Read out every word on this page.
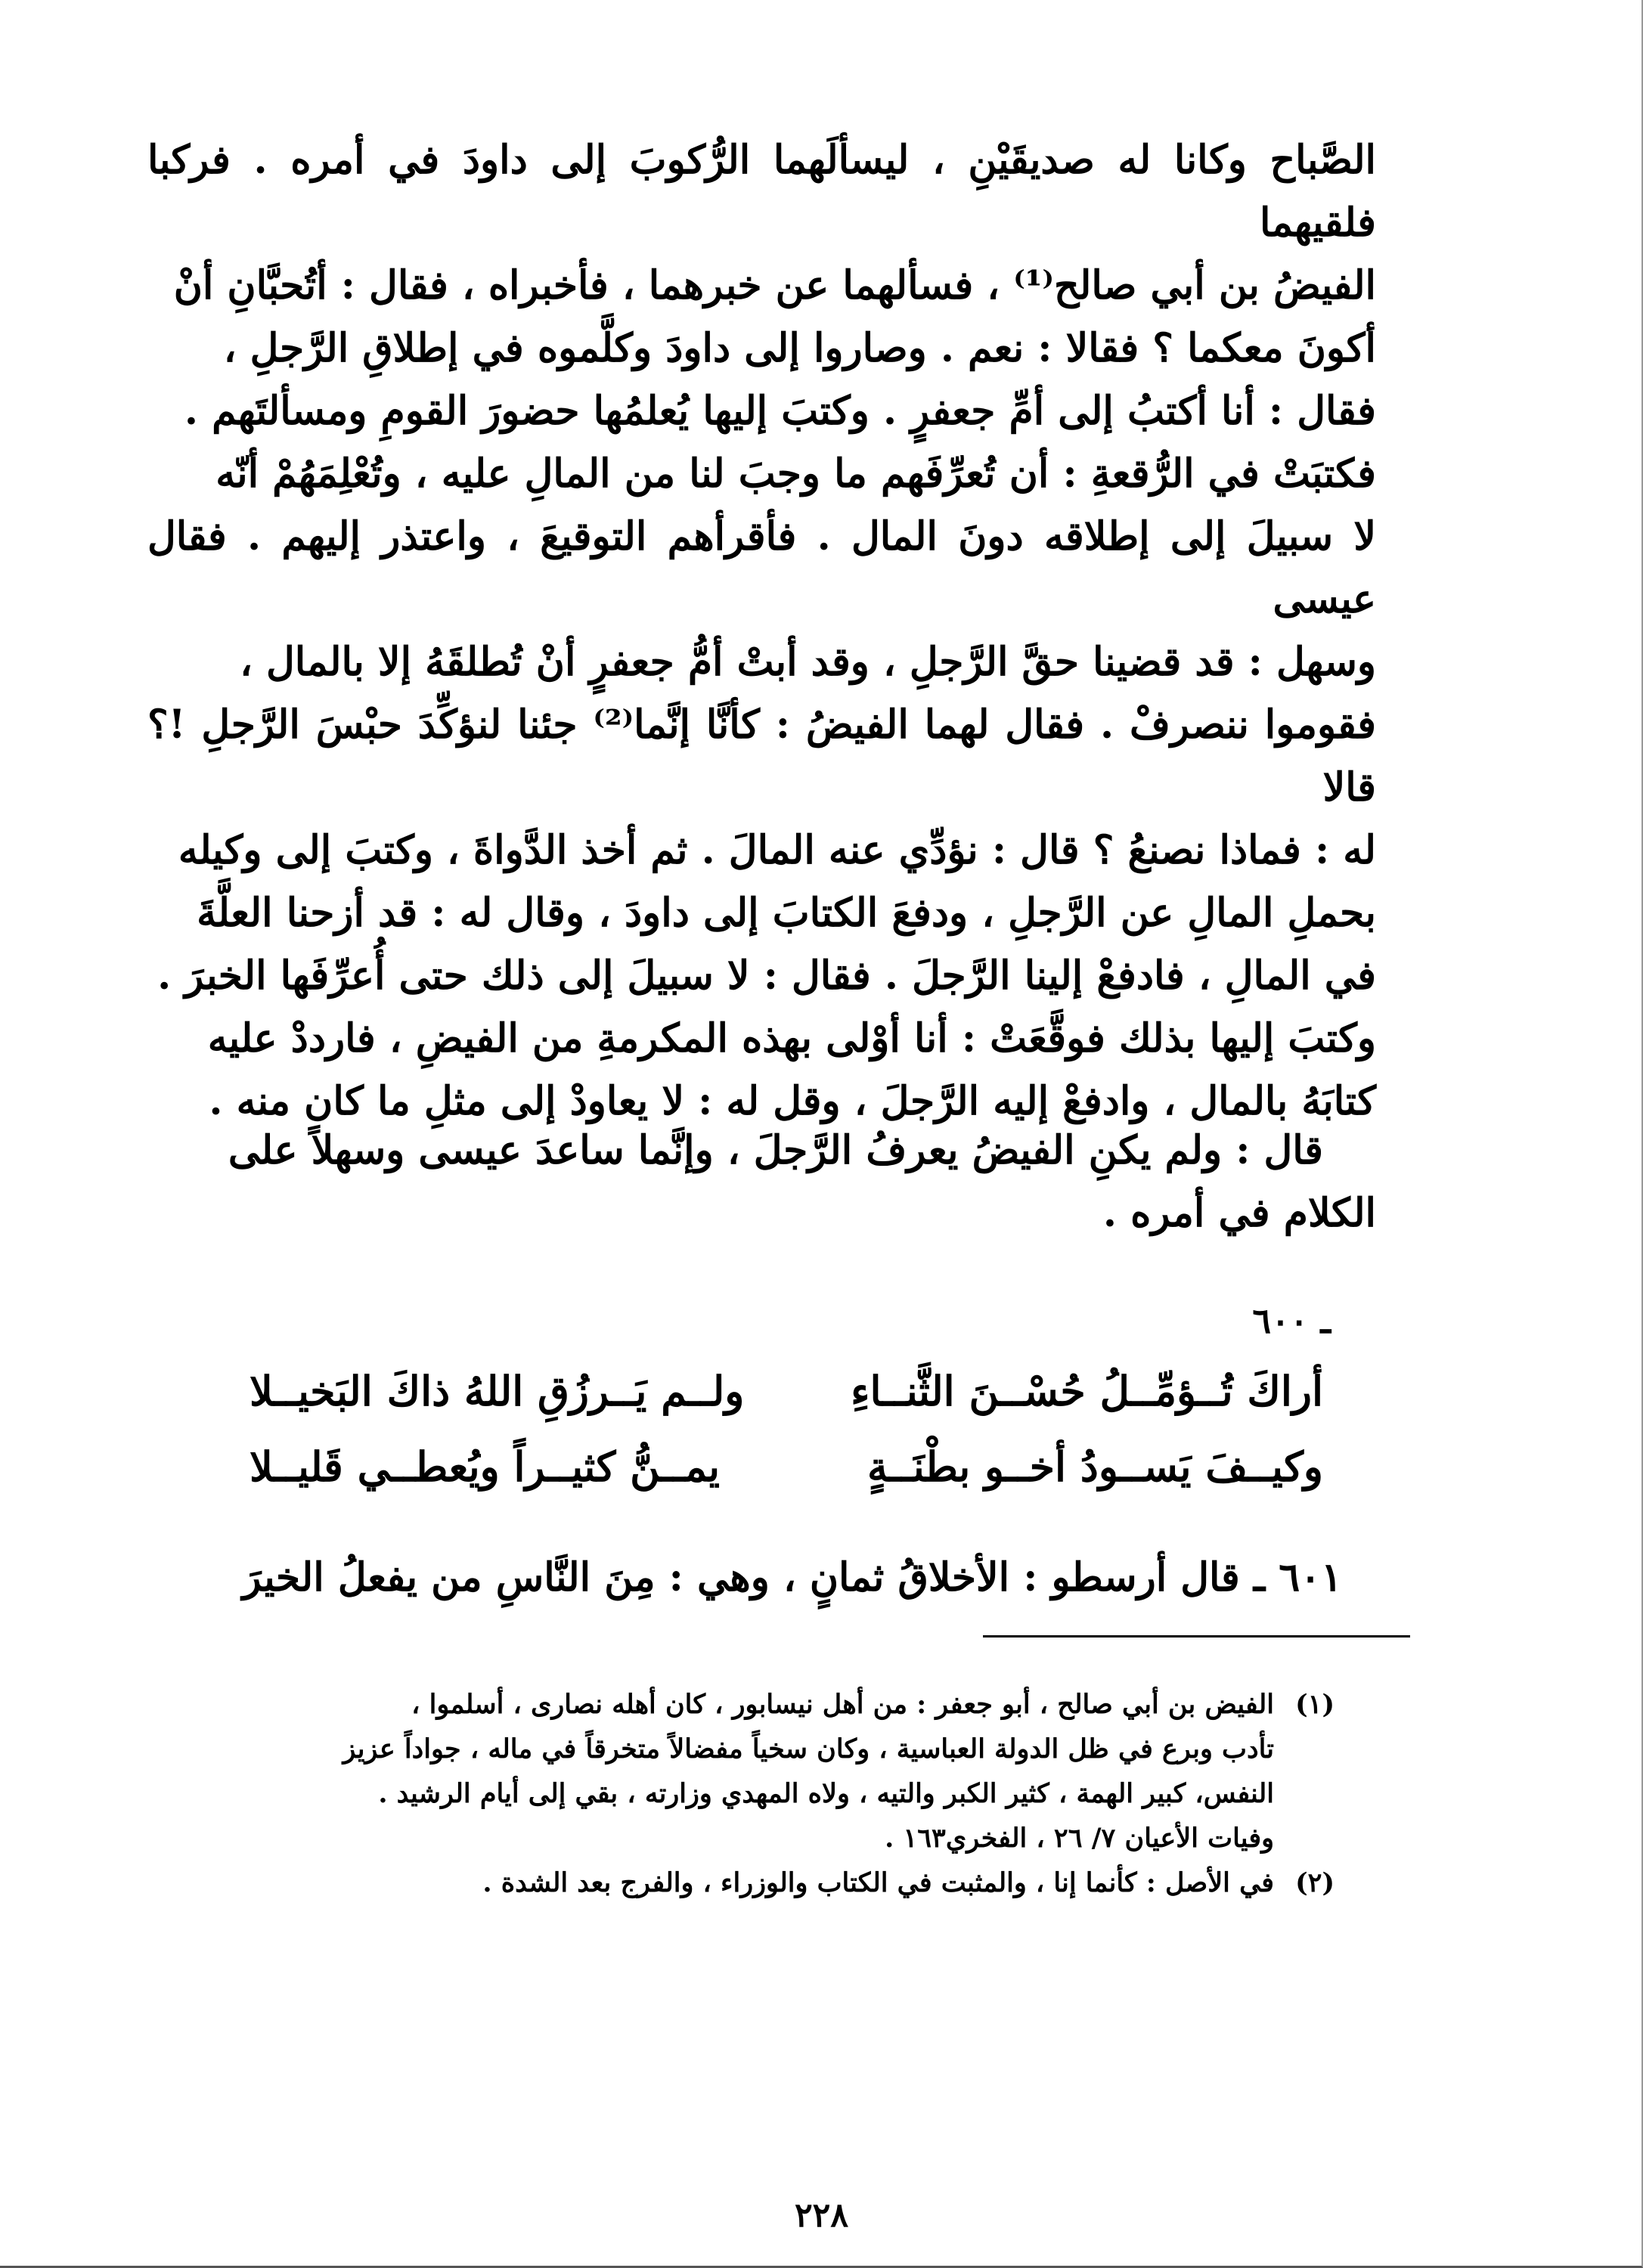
الصَّباح وكانا له صديقَيْنِ ، ليسألَهما الرُّكوبَ إلى داودَ في أمره . فركبا فلقيهما

الفيضُ بن أبي صالح⁽¹⁾ ، فسألهما عن خبرهما ، فأخبراه ، فقال : أتُحبَّانِ أنْ

أكونَ معكما ؟ فقالا : نعم . وصاروا إلى داودَ وكلَّموه في إطلاقِ الرَّجلِ ،

فقال : أنا أكتبُ إلى أمِّ جعفرٍ . وكتبَ إليها يُعلمُها حضورَ القومِ ومسألتَهم .

فكتبَتْ في الرُّقعةِ : أن تُعرِّفَهم ما وجبَ لنا من المالِ عليه ، وتُعْلِمَهُمْ أنّه

لا سبيلَ إلى إطلاقه دونَ المال . فأقرأهم التوقيعَ ، واعتذر إليهم . فقال عيسى

وسهل : قد قضينا حقَّ الرَّجلِ ، وقد أبتْ أمُّ جعفرٍ أنْ تُطلقَهُ إلا بالمال ،

فقوموا ننصرفْ . فقال لهما الفيضُ : كأنَّا إنَّما⁽²⁾ جئنا لنؤكِّدَ حبْسَ الرَّجلِ !؟ قالا

له : فماذا نصنعُ ؟ قال : نؤدِّي عنه المالَ . ثم أخذ الدَّواةَ ، وكتبَ إلى وكيله

بحملِ المالِ عن الرَّجلِ ، ودفعَ الكتابَ إلى داودَ ، وقال له : قد أزحنا العلَّةَ

في المالِ ، فادفعْ إلينا الرَّجلَ . فقال : لا سبيلَ إلى ذلك حتى أُعرِّفَها الخبرَ .

وكتبَ إليها بذلك فوقَّعَتْ : أنا أوْلى بهذه المكرمةِ من الفيضِ ، فارددْ عليه

كتابَهُ بالمال ، وادفعْ إليه الرَّجلَ ، وقل له : لا يعاودْ إلى مثلِ ما كان منه .

قال : ولم يكنِ الفيضُ يعرفُ الرَّجلَ ، وإنَّما ساعدَ عيسى وسهلاً على

الكلام في أمره .

ـ ٦٠٠
أراكَ تُــؤمِّــلُ حُسْــنَ الثَّنــاءِ
ولــم يَــرزُقِ اللهُ ذاكَ البَخيــلا
وكيــفَ يَســودُ أخــو بطْنَــةٍ
يمــنُّ كثيــراً ويُعطــي قَليــلا
٦٠١ ـ قال أرسطو : الأخلاقُ ثمانٍ ، وهي : مِنَ النَّاسِ من يفعلُ الخيرَ
(١)
الفيض بن أبي صالح ، أبو جعفر : من أهل نيسابور ، كان أهله نصارى ، أسلموا ،
تأدب وبرع في ظل الدولة العباسية ، وكان سخياً مفضالاً متخرقاً في ماله ، جواداً عزيز
النفس، كبير الهمة ، كثير الكبر والتيه ، ولاه المهدي وزارته ، بقي إلى أيام الرشيد .
وفيات الأعيان ٧/ ٢٦ ، الفخري١٦٣ .
(٢)
في الأصل : كأنما إنا ، والمثبت في الكتاب والوزراء ، والفرج بعد الشدة .
٢٢٨
